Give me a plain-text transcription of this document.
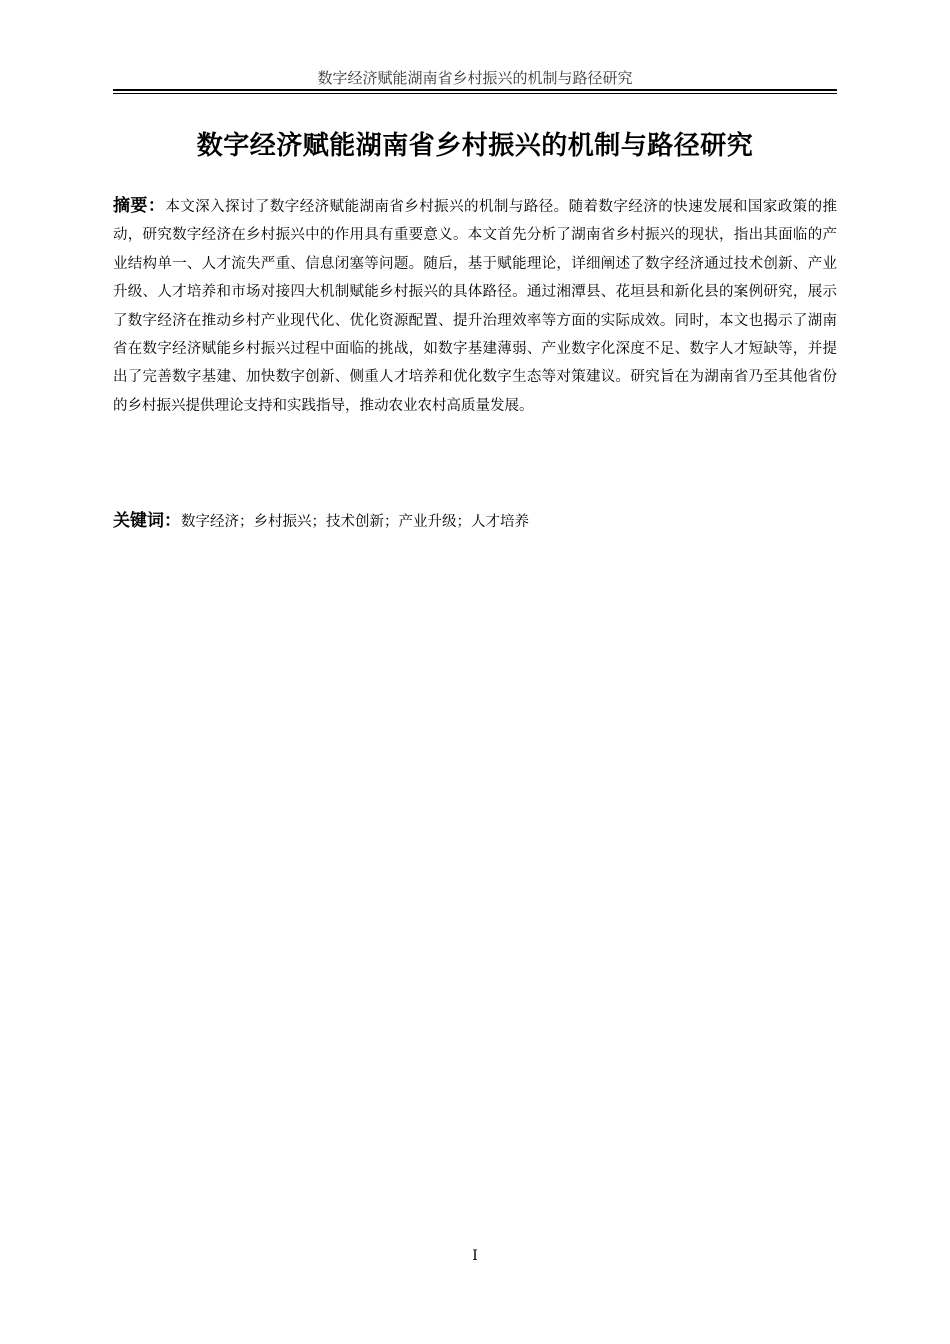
数字经济赋能湖南省乡村振兴的机制与路径研究
数字经济赋能湖南省乡村振兴的机制与路径研究

摘要：本文深入探讨了数字经济赋能湖南省乡村振兴的机制与路径。随着数字经济的快速发展和国家政策的推动，研究数字经济在乡村振兴中的作用具有重要意义。本文首先分析了湖南省乡村振兴的现状，指出其面临的产业结构单一、人才流失严重、信息闭塞等问题。随后，基于赋能理论，详细阐述了数字经济通过技术创新、产业升级、人才培养和市场对接四大机制赋能乡村振兴的具体路径。通过湘潭县、花垣县和新化县的案例研究，展示了数字经济在推动乡村产业现代化、优化资源配置、提升治理效率等方面的实际成效。同时，本文也揭示了湖南省在数字经济赋能乡村振兴过程中面临的挑战，如数字基建薄弱、产业数字化深度不足、数字人才短缺等，并提出了完善数字基建、加快数字创新、侧重人才培养和优化数字生态等对策建议。研究旨在为湖南省乃至其他省份的乡村振兴提供理论支持和实践指导，推动农业农村高质量发展。

关键词：数字经济；乡村振兴；技术创新；产业升级；人才培养

I
